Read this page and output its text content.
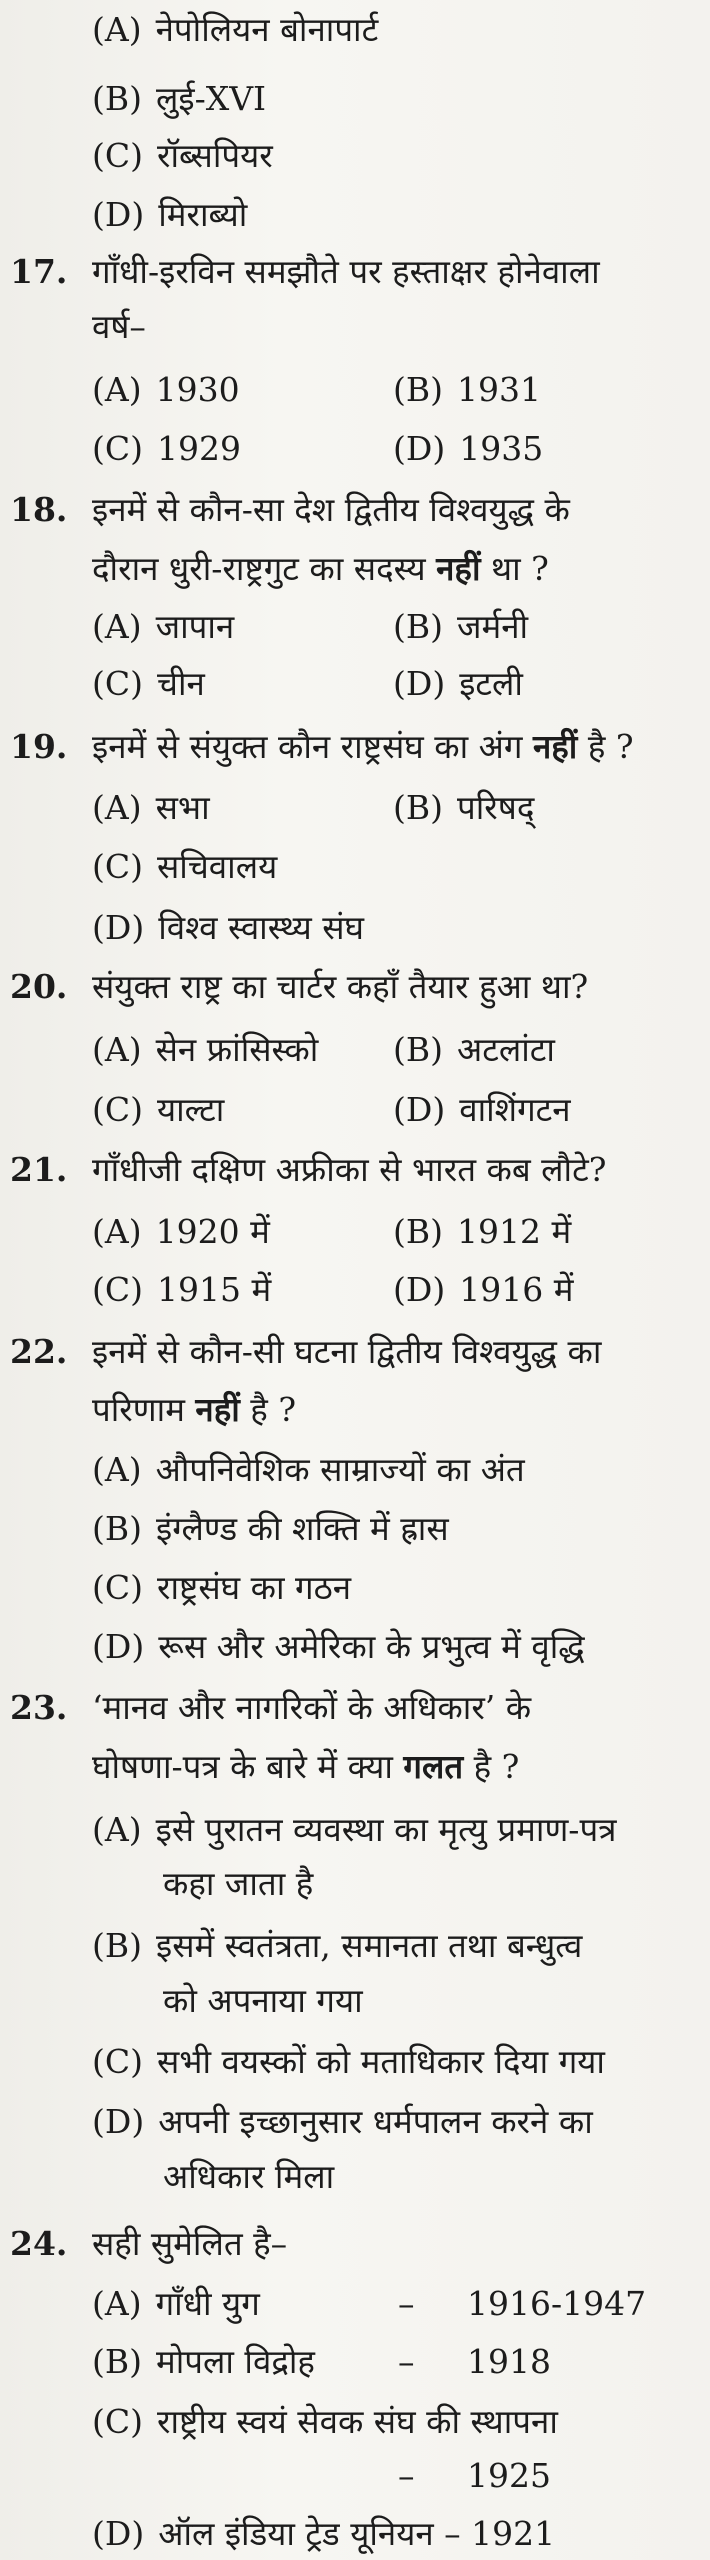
(A) नेपोलियन बोनापार्ट
(B) लुई-XVI
(C) रॉब्सपियर
(D) मिराब्यो
17. गाँधी-इरविन समझौते पर हस्ताक्षर होनेवाला
वर्ष–
(A) 1930	(B) 1931
(C) 1929	(D) 1935
18. इनमें से कौन-सा देश द्वितीय विश्वयुद्ध के
दौरान धुरी-राष्ट्रगुट का सदस्य नहीं था ?
(A) जापान	(B) जर्मनी
(C) चीन	(D) इटली
19. इनमें से संयुक्त कौन राष्ट्रसंघ का अंग नहीं है ?
(A) सभा	(B) परिषद्
(C) सचिवालय
(D) विश्व स्वास्थ्य संघ
20. संयुक्त राष्ट्र का चार्टर कहाँ तैयार हुआ था?
(A) सेन फ्रांसिस्को (B) अटलांटा
(C) याल्टा	(D) वाशिंगटन
21. गाँधीजी दक्षिण अफ्रीका से भारत कब लौटे?
(A) 1920 में	(B) 1912 में
(C) 1915 में	(D) 1916 में
22. इनमें से कौन-सी घटना द्वितीय विश्वयुद्ध का
परिणाम नहीं है ?
(A) औपनिवेशिक साम्राज्यों का अंत
(B) इंग्लैण्ड की शक्ति में ह्रास
(C) राष्ट्रसंघ का गठन
(D) रूस और अमेरिका के प्रभुत्व में वृद्धि
23. ‘मानव और नागरिकों के अधिकार’ के
घोषणा-पत्र के बारे में क्या गलत है ?
(A) इसे पुरातन व्यवस्था का मृत्यु प्रमाण-पत्र
कहा जाता है
(B) इसमें स्वतंत्रता, समानता तथा बन्धुत्व
को अपनाया गया
(C) सभी वयस्कों को मताधिकार दिया गया
(D) अपनी इच्छानुसार धर्मपालन करने का
अधिकार मिला
24. सही सुमेलित है–
(A) गाँधी युग	– 1916-1947
(B) मोपला विद्रोह	– 1918
(C) राष्ट्रीय स्वयं सेवक संघ की स्थापना
– 1925
(D) ऑल इंडिया ट्रेड यूनियन – 1921
